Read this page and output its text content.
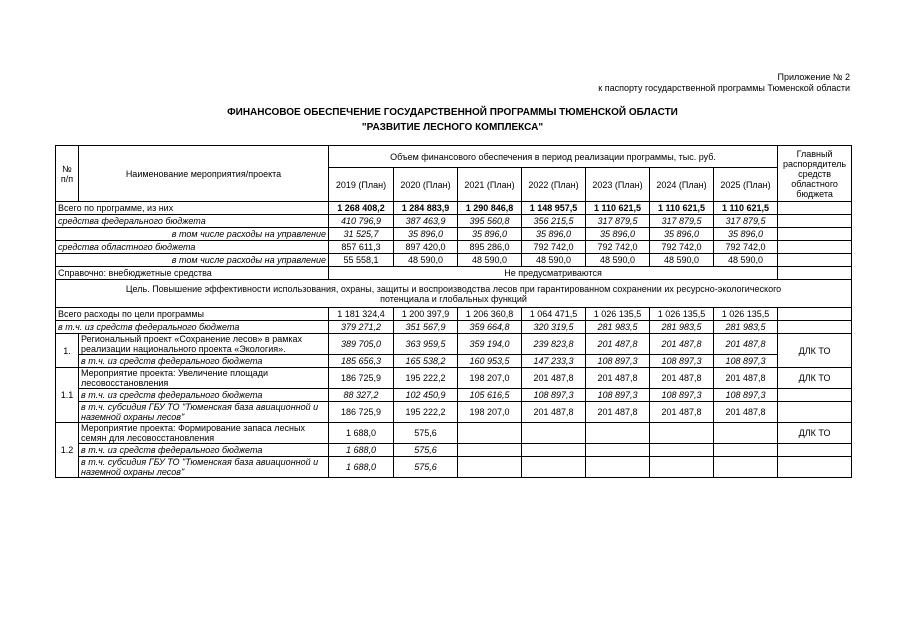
Приложение № 2
к паспорту государственной программы Тюменской области
ФИНАНСОВОЕ ОБЕСПЕЧЕНИЕ ГОСУДАРСТВЕННОЙ ПРОГРАММЫ ТЮМЕНСКОЙ ОБЛАСТИ
"РАЗВИТИЕ ЛЕСНОГО КОМПЛЕКСА"
№ п/п	Наименование мероприятия/проекта	Объем финансового обеспечения в период реализации программы, тыс. руб.							Главный распорядитель средств областного бюджета
		2019 (План)	2020 (План)	2021 (План)	2022 (План)	2023 (План)	2024 (План)	2025 (План)	
Всего по программе, из них		1 268 408,2	1 284 883,9	1 290 846,8	1 148 957,5	1 110 621,5	1 110 621,5	1 110 621,5	
средства федерального бюджета		410 796,9	387 463,9	395 560,8	356 215,5	317 879,5	317 879,5	317 879,5	
в том числе расходы на управление		31 525,7	35 896,0	35 896,0	35 896,0	35 896,0	35 896,0	35 896,0	
средства областного бюджета		857 611,3	897 420,0	895 286,0	792 742,0	792 742,0	792 742,0	792 742,0	
в том числе расходы на управление		55 558,1	48 590,0	48 590,0	48 590,0	48 590,0	48 590,0	48 590,0	
Справочно: внебюджетные средства		Не предусматриваются							
Цель. Повышение эффективности использования, охраны, защиты и воспроизводства лесов при гарантированном сохранении их ресурсно-экологического потенциала и глобальных функций									
Всего расходы по цели программы		1 181 324,4	1 200 397,9	1 206 360,8	1 064 471,5	1 026 135,5	1 026 135,5	1 026 135,5	
в т.ч. из средств федерального бюджета		379 271,2	351 567,9	359 664,8	320 319,5	281 983,5	281 983,5	281 983,5	
1.	Региональный проект «Сохранение лесов» в рамках реализации национального проекта «Экология».	389 705,0	363 959,5	359 194,0	239 823,8	201 487,8	201 487,8	201 487,8	ДЛК ТО
	в т.ч. из средств федерального бюджета	185 656,3	165 538,2	160 953,5	147 233,3	108 897,3	108 897,3	108 897,3	
1.1	Мероприятие проекта: Увеличение площади лесовосстановления	186 725,9	195 222,2	198 207,0	201 487,8	201 487,8	201 487,8	201 487,8	ДЛК ТО
	в т.ч. из средств федерального бюджета	88 327,2	102 450,9	105 616,5	108 897,3	108 897,3	108 897,3	108 897,3	
	в т.ч. субсидия ГБУ ТО "Тюменская база авиационной и наземной охраны лесов"	186 725,9	195 222,2	198 207,0	201 487,8	201 487,8	201 487,8	201 487,8	
1.2	Мероприятие проекта: Формирование запаса лесных семян для лесовосстановления	1 688,0	575,6						ДЛК ТО
	в т.ч. из средств федерального бюджета	1 688,0	575,6						
	в т.ч. субсидия ГБУ ТО "Тюменская база авиационной и наземной охраны лесов"	1 688,0	575,6						
